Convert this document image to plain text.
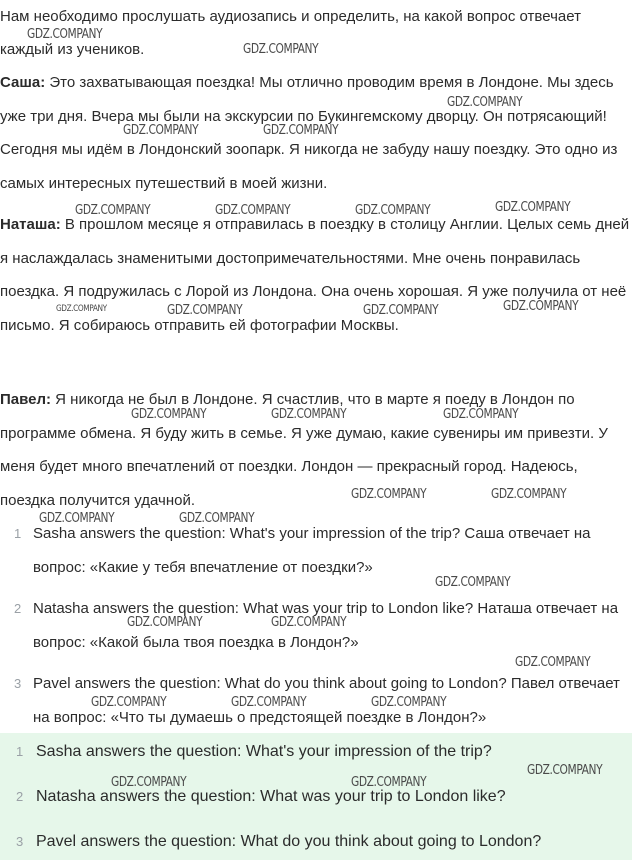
Нам необходимо прослушать аудиозапись и определить, на какой вопрос отвечает каждый из учеников.

Саша: Это захватывающая поездка! Мы отлично проводим время в Лондоне. Мы здесь уже три дня. Вчера мы были на экскурсии по Букингемскому дворцу. Он потрясающий! Сегодня мы идём в Лондонский зоопарк. Я никогда не забуду нашу поездку. Это одно из самых интересных путешествий в моей жизни.

Наташа: В прошлом месяце я отправилась в поездку в столицу Англии. Целых семь дней я наслаждалась знаменитыми достопримечательностями. Мне очень понравилась поездка. Я подружилась с Лорой из Лондона. Она очень хорошая. Я уже получила от неё письмо. Я собираюсь отправить ей фотографии Москвы.

Павел: Я никогда не был в Лондоне. Я счастлив, что в марте я поеду в Лондон по программе обмена. Я буду жить в семье. Я уже думаю, какие сувениры им привезти. У меня будет много впечатлений от поездки. Лондон — прекрасный город. Надеюсь, поездка получится удачной.

1 Sasha answers the question: What's your impression of the trip? Саша отвечает на вопрос: «Какие у тебя впечатление от поездки?»
2 Natasha answers the question: What was your trip to London like? Наташа отвечает на вопрос: «Какой была твоя поездка в Лондон?»
3 Pavel answers the question: What do you think about going to London? Павел отвечает на вопрос: «Что ты думаешь о предстоящей поездке в Лондон?»
1 Sasha answers the question: What's your impression of the trip?
2 Natasha answers the question: What was your trip to London like?
3 Pavel answers the question: What do you think about going to London?
GDZ.COMPANY
GDZ.COMPANY
GDZ.COMPANY
GDZ.COMPANY	GDZ.COMPANY
GDZ.COMPANY	GDZ.COMPANY	GDZ.COMPANY	GDZ.COMPANY
GDZ.COMPANY	GDZ.COMPANY	GDZ.COMPANY	GDZ.COMPANY
GDZ.COMPANY	GDZ.COMPANY	GDZ.COMPANY
GDZ.COMPANY	GDZ.COMPANY
GDZ.COMPANY	GDZ.COMPANY
GDZ.COMPANY
GDZ.COMPANY	GDZ.COMPANY
GDZ.COMPANY
GDZ.COMPANY	GDZ.COMPANY	GDZ.COMPANY
GDZ.COMPANY
GDZ.COMPANY	GDZ.COMPANY
